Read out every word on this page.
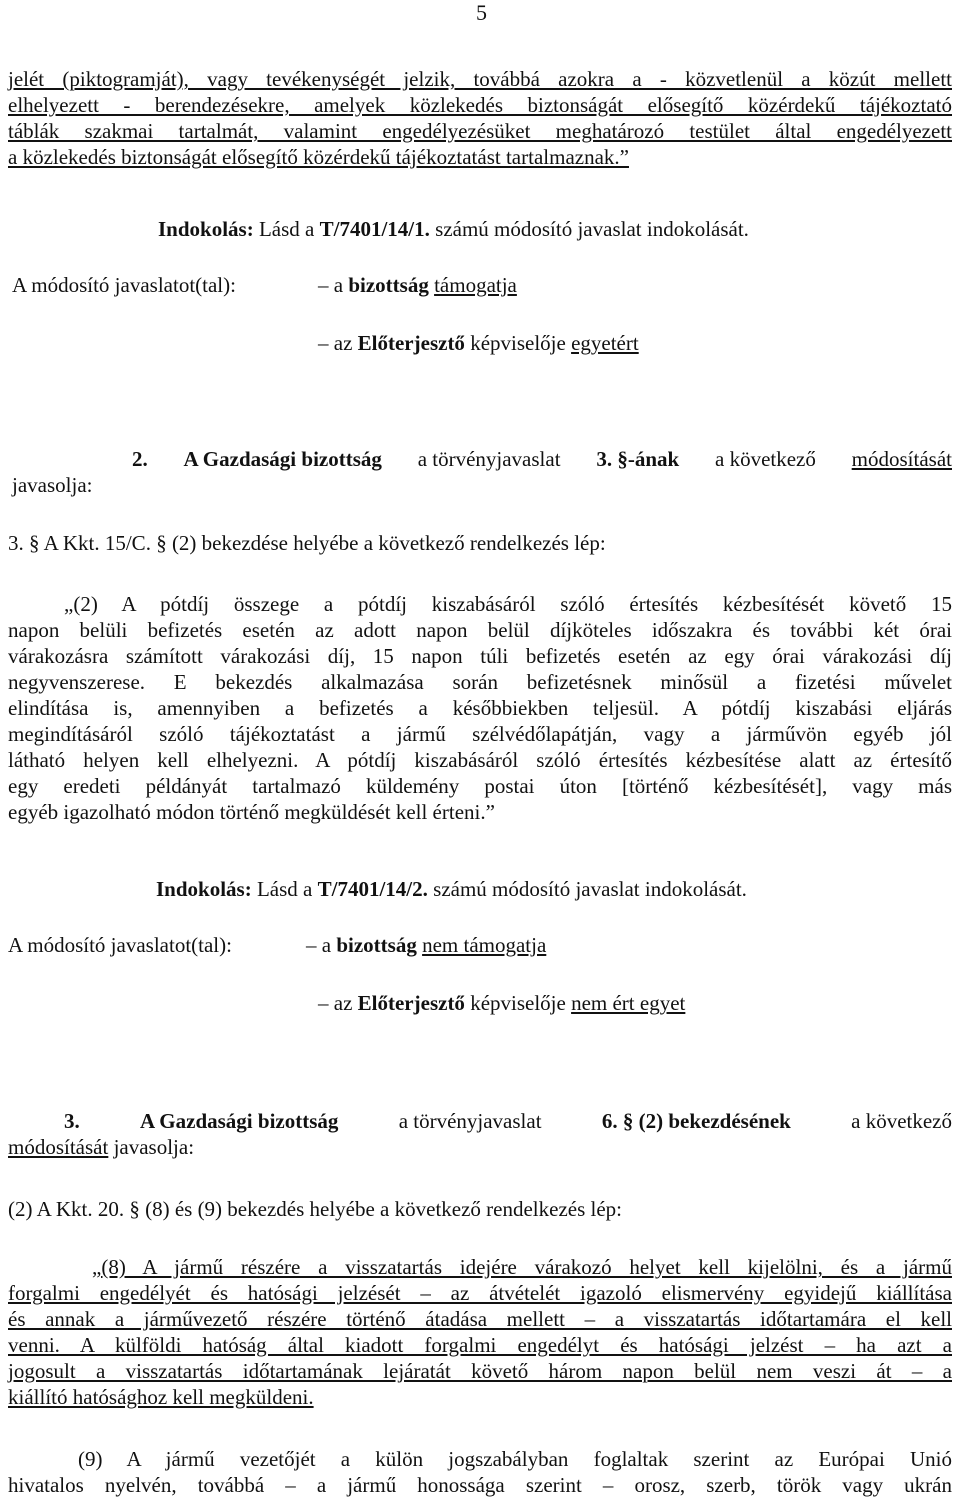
5
jelét (piktogramját), vagy tevékenységét jelzik, továbbá azokra a - közvetlenül a közút mellett
elhelyezett - berendezésekre, amelyek közlekedés biztonságát elősegítő közérdekű tájékoztató
táblák szakmai tartalmát, valamint engedélyezésüket meghatározó testület által engedélyezett
a közlekedés biztonságát elősegítő közérdekű tájékoztatást tartalmaznak.”
Indokolás: Lásd a T/7401/14/1. számú módosító javaslat indokolását.
A módosító javaslatot(tal):	– a bizottság támogatja
– az Előterjesztő képviselője egyetért
2. A Gazdasági bizottság a törvényjavaslat 3. §-ának a következő módosítását
javasolja:
3. § A Kkt. 15/C. § (2) bekezdése helyébe a következő rendelkezés lép:
„(2) A pótdíj összege a pótdíj kiszabásáról szóló értesítés kézbesítését követő 15
napon belüli befizetés esetén az adott napon belül díjköteles időszakra és további két órai
várakozásra számított várakozási díj, 15 napon túli befizetés esetén az egy órai várakozási díj
negyvenszerese. E bekezdés alkalmazása során befizetésnek minősül a fizetési művelet
elindítása is, amennyiben a befizetés a későbbiekben teljesül. A pótdíj kiszabási eljárás
megindításáról szóló tájékoztatást a jármű szélvédőlapátján, vagy a járművön egyéb jól
látható helyen kell elhelyezni. A pótdíj kiszabásáról szóló értesítés kézbesítése alatt az értesítő
egy eredeti példányát tartalmazó küldemény postai úton [történő kézbesítését], vagy más
egyéb igazolható módon történő megküldését kell érteni.”
Indokolás: Lásd a T/7401/14/2. számú módosító javaslat indokolását.
A módosító javaslatot(tal):	– a bizottság nem támogatja
– az Előterjesztő képviselője nem ért egyet
3.	A Gazdasági bizottság	a törvényjavaslat	6. § (2) bekezdésének	a következő
módosítását javasolja:
(2) A Kkt. 20. § (8) és (9) bekezdés helyébe a következő rendelkezés lép:
„(8) A jármű részére a visszatartás idejére várakozó helyet kell kijelölni, és a jármű
forgalmi engedélyét és hatósági jelzését – az átvételét igazoló elismervény egyidejű kiállítása
és annak a járművezető részére történő átadása mellett – a visszatartás időtartamára el kell
venni. A külföldi hatóság által kiadott forgalmi engedélyt és hatósági jelzést – ha azt a
jogosult a visszatartás időtartamának lejáratát követő három napon belül nem veszi át – a
kiállító hatósághoz kell megküldeni.
(9) A jármű vezetőjét a külön jogszabályban foglaltak szerint az Európai Unió
hivatalos nyelvén, továbbá – a jármű honossága szerint – orosz, szerb, török vagy ukrán
